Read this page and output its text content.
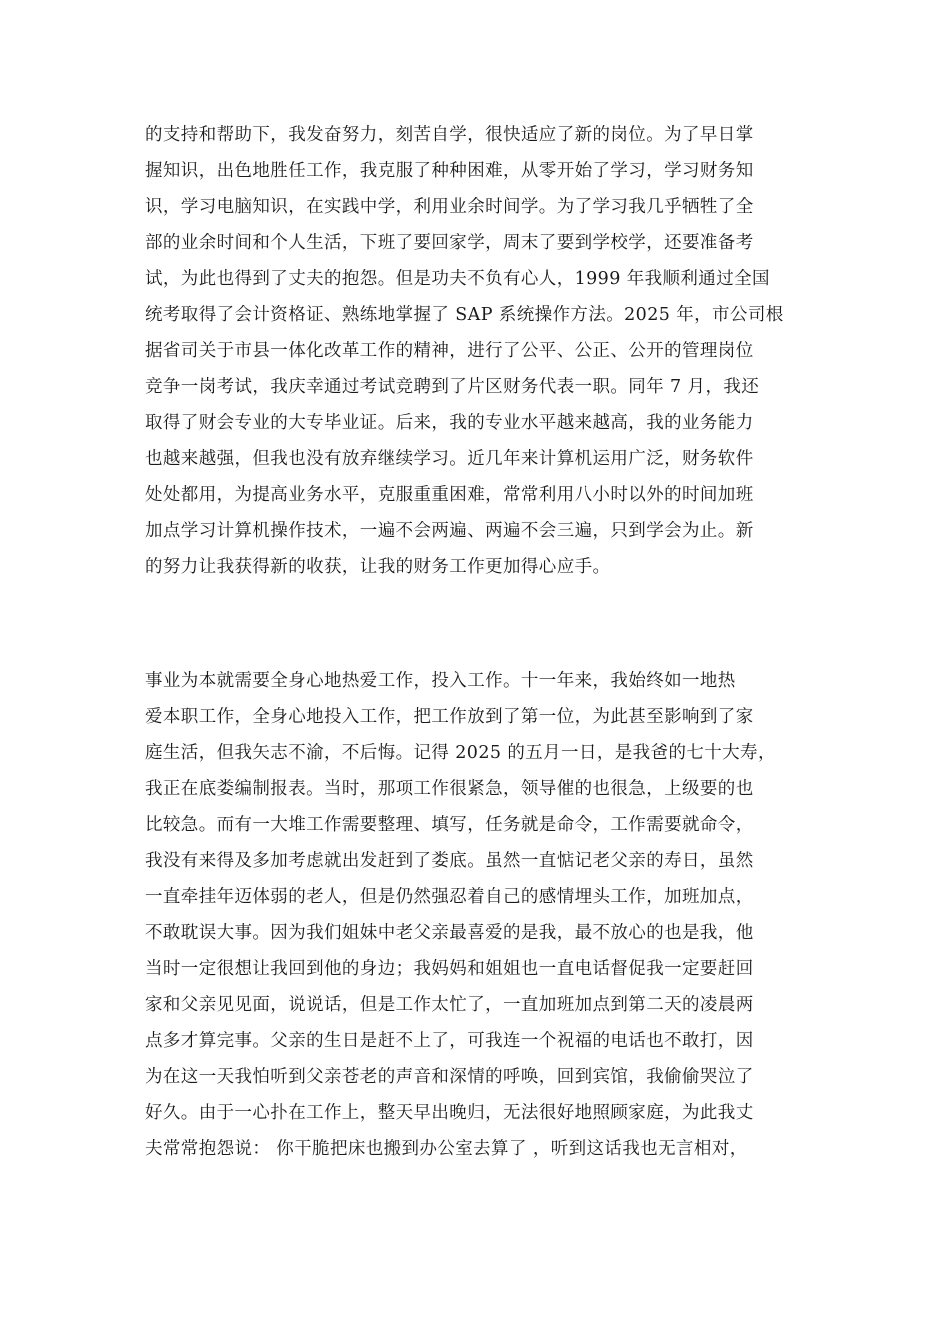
的支持和帮助下，我发奋努力，刻苦自学，很快适应了新的岗位。为了早日掌
握知识，出色地胜任工作，我克服了种种困难，从零开始了学习，学习财务知
识，学习电脑知识，在实践中学，利用业余时间学。为了学习我几乎牺牲了全
部的业余时间和个人生活，下班了要回家学，周末了要到学校学，还要准备考
试，为此也得到了丈夫的抱怨。但是功夫不负有心人，1999 年我顺利通过全国
统考取得了会计资格证、熟练地掌握了 SAP 系统操作方法。2025 年，市公司根
据省司关于市县一体化改革工作的精神，进行了公平、公正、公开的管理岗位
竞争一岗考试，我庆幸通过考试竞聘到了片区财务代表一职。同年 7 月，我还
取得了财会专业的大专毕业证。后来，我的专业水平越来越高，我的业务能力
也越来越强，但我也没有放弃继续学习。近几年来计算机运用广泛，财务软件
处处都用，为提高业务水平，克服重重困难，常常利用八小时以外的时间加班
加点学习计算机操作技术，一遍不会两遍、两遍不会三遍，只到学会为止。新
的努力让我获得新的收获，让我的财务工作更加得心应手。
事业为本就需要全身心地热爱工作，投入工作。十一年来，我始终如一地热
爱本职工作，全身心地投入工作，把工作放到了第一位，为此甚至影响到了家
庭生活，但我矢志不渝，不后悔。记得 2025 的五月一日，是我爸的七十大寿，
我正在底娄编制报表。当时，那项工作很紧急，领导催的也很急，上级要的也
比较急。而有一大堆工作需要整理、填写，任务就是命令，工作需要就命令，
我没有来得及多加考虑就出发赶到了娄底。虽然一直惦记老父亲的寿日，虽然
一直牵挂年迈体弱的老人，但是仍然强忍着自己的感情埋头工作，加班加点，
不敢耽误大事。因为我们姐妹中老父亲最喜爱的是我，最不放心的也是我，他
当时一定很想让我回到他的身边；我妈妈和姐姐也一直电话督促我一定要赶回
家和父亲见见面，说说话，但是工作太忙了，一直加班加点到第二天的凌晨两
点多才算完事。父亲的生日是赶不上了，可我连一个祝福的电话也不敢打，因
为在这一天我怕听到父亲苍老的声音和深情的呼唤，回到宾馆，我偷偷哭泣了
好久。由于一心扑在工作上，整天早出晚归，无法很好地照顾家庭，为此我丈
夫常常抱怨说： 你干脆把床也搬到办公室去算了 ，听到这话我也无言相对，
